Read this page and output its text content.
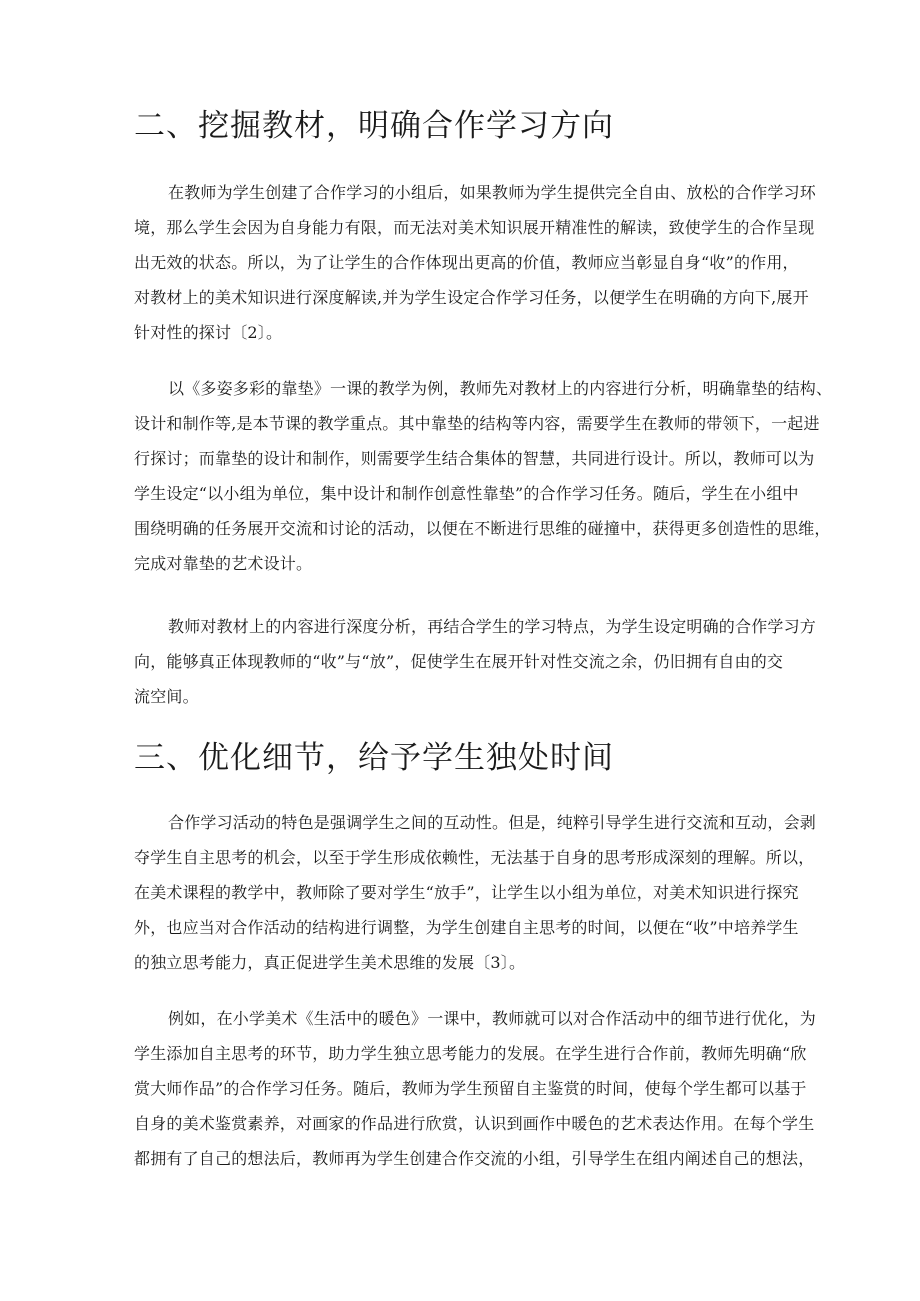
二、挖掘教材，明确合作学习方向
在教师为学生创建了合作学习的小组后，如果教师为学生提供完全自由、放松的合作学习环
境，那么学生会因为自身能力有限，而无法对美术知识展开精准性的解读，致使学生的合作呈现
出无效的状态。所以，为了让学生的合作体现出更高的价值，教师应当彰显自身“收”的作用，
对教材上的美术知识进行深度解读,并为学生设定合作学习任务，以便学生在明确的方向下,展开
针对性的探讨〔2〕。
以《多姿多彩的靠垫》一课的教学为例，教师先对教材上的内容进行分析，明确靠垫的结构、
设计和制作等,是本节课的教学重点。其中靠垫的结构等内容，需要学生在教师的带领下，一起进
行探讨；而靠垫的设计和制作，则需要学生结合集体的智慧，共同进行设计。所以，教师可以为
学生设定“以小组为单位，集中设计和制作创意性靠垫”的合作学习任务。随后，学生在小组中
围绕明确的任务展开交流和讨论的活动，以便在不断进行思维的碰撞中，获得更多创造性的思维，
完成对靠垫的艺术设计。
教师对教材上的内容进行深度分析，再结合学生的学习特点，为学生设定明确的合作学习方
向，能够真正体现教师的“收”与“放”，促使学生在展开针对性交流之余，仍旧拥有自由的交
流空间。
三、优化细节，给予学生独处时间
合作学习活动的特色是强调学生之间的互动性。但是，纯粹引导学生进行交流和互动，会剥
夺学生自主思考的机会，以至于学生形成依赖性，无法基于自身的思考形成深刻的理解。所以，
在美术课程的教学中，教师除了要对学生“放手”，让学生以小组为单位，对美术知识进行探究
外，也应当对合作活动的结构进行调整，为学生创建自主思考的时间，以便在“收”中培养学生
的独立思考能力，真正促进学生美术思维的发展〔3〕。
例如，在小学美术《生活中的暖色》一课中，教师就可以对合作活动中的细节进行优化，为
学生添加自主思考的环节，助力学生独立思考能力的发展。在学生进行合作前，教师先明确“欣
赏大师作品”的合作学习任务。随后，教师为学生预留自主鉴赏的时间，使每个学生都可以基于
自身的美术鉴赏素养，对画家的作品进行欣赏，认识到画作中暖色的艺术表达作用。在每个学生
都拥有了自己的想法后，教师再为学生创建合作交流的小组，引导学生在组内阐述自己的想法，
